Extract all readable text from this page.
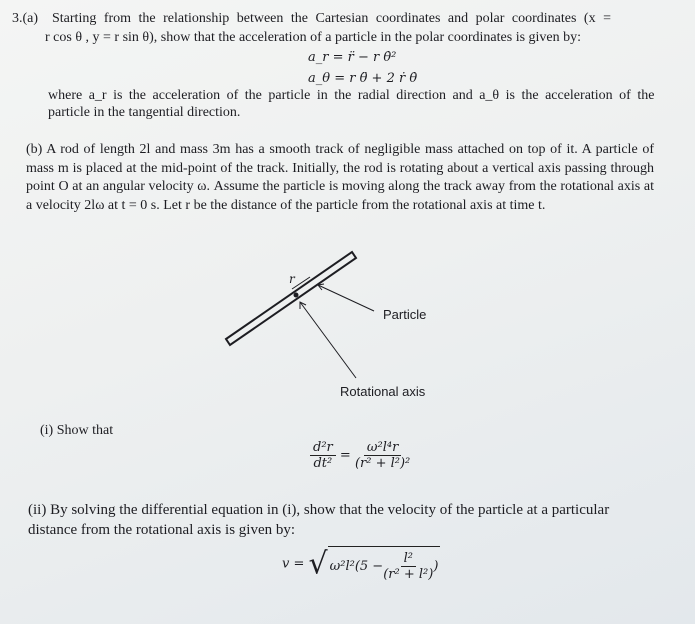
3.(a) Starting from the relationship between the Cartesian coordinates and polar coordinates (x =
r cos θ , y = r sin θ), show that the acceleration of a particle in the polar coordinates is given by:
a_r = r̈ − r θ̇²
a_θ = r θ̈ + 2 ṙ θ̇
where a_r is the acceleration of the particle in the radial direction and a_θ is the acceleration of the
particle in the tangential direction.
(b) A rod of length 2l and mass 3m has a smooth track of negligible mass attached on top of it. A particle of mass m is placed at the mid-point of the track. Initially, the rod is rotating about a vertical axis passing through point O at an angular velocity ω. Assume the particle is moving along the track away from the rotational axis at a velocity 2lω at t = 0 s. Let r be the distance of the particle from the rotational axis at time t.
r
Particle
Rotational axis
(i) Show that
$\frac{\text{d²r}}{\text{dt²}} = \frac{\text{ω²l⁴r}}{\text{(r² + l²)²}}$
(ii) By solving the differential equation in (i), show that the velocity of the particle at a particular
distance from the rotational axis is given by:
v = √ $\omega^2l^2(5 - \frac{\text{l²}}{\text{(r² + l²)}}$ )
